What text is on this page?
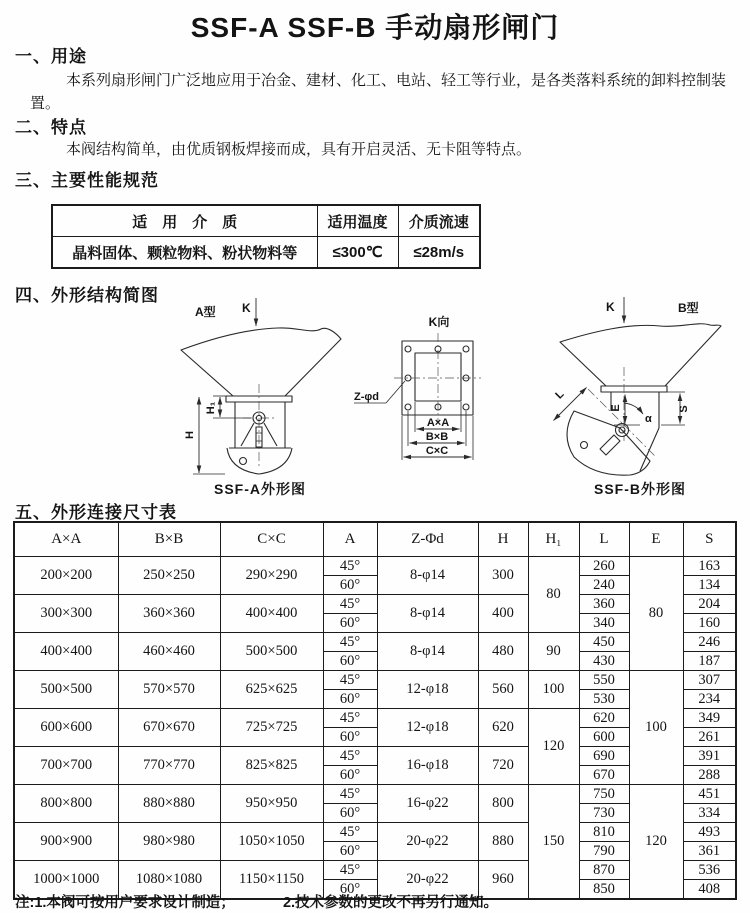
SSF-A SSF-B 手动扇形闸门
一、用途
本系列扇形闸门广泛地应用于冶金、建材、化工、电站、轻工等行业，是各类落料系统的卸料控制装置。
二、特点
本阀结构简单，由优质钢板焊接而成，具有开启灵活、无卡阻等特点。
三、主要性能规范
适　用　介　质	适用温度	介质流速
晶料固体、颗粒物料、粉状物料等	≤300℃	≤28m/s
四、外形结构简图
A型 K
H₁
H
SSF-A外形图
K向
Z-φd
A×A
B×B
C×C
K	B型
L
E	S
α
SSF-B外形图
五、外形连接尺寸表
A×A	B×B	C×C	A	Z-Φd	H	H₁	L	E	S
200×200	250×250	290×290	45°	8-φ14	300	80	260	80	163
			60°				240		134
300×300	360×360	400×400	45°	8-φ14	400		360		204
			60°				340		160
400×400	460×460	500×500	45°	8-φ14	480	90	450		246
			60°				430		187
500×500	570×570	625×625	45°	12-φ18	560	100	550	100	307
			60°				530		234
600×600	670×670	725×725	45°	12-φ18	620	120	620		349
			60°				600		261
700×700	770×770	825×825	45°	16-φ18	720		690		391
			60°				670		288
800×800	880×880	950×950	45°	16-φ22	800	150	750	120	451
			60°				730		334
900×900	980×980	1050×1050	45°	20-φ22	880		810		493
			60°				790		361
1000×1000	1080×1080	1150×1150	45°	20-φ22	960		870		536
			60°				850		408
注:1.本阀可按用户要求设计制造；	2.技术参数的更改不再另行通知。
